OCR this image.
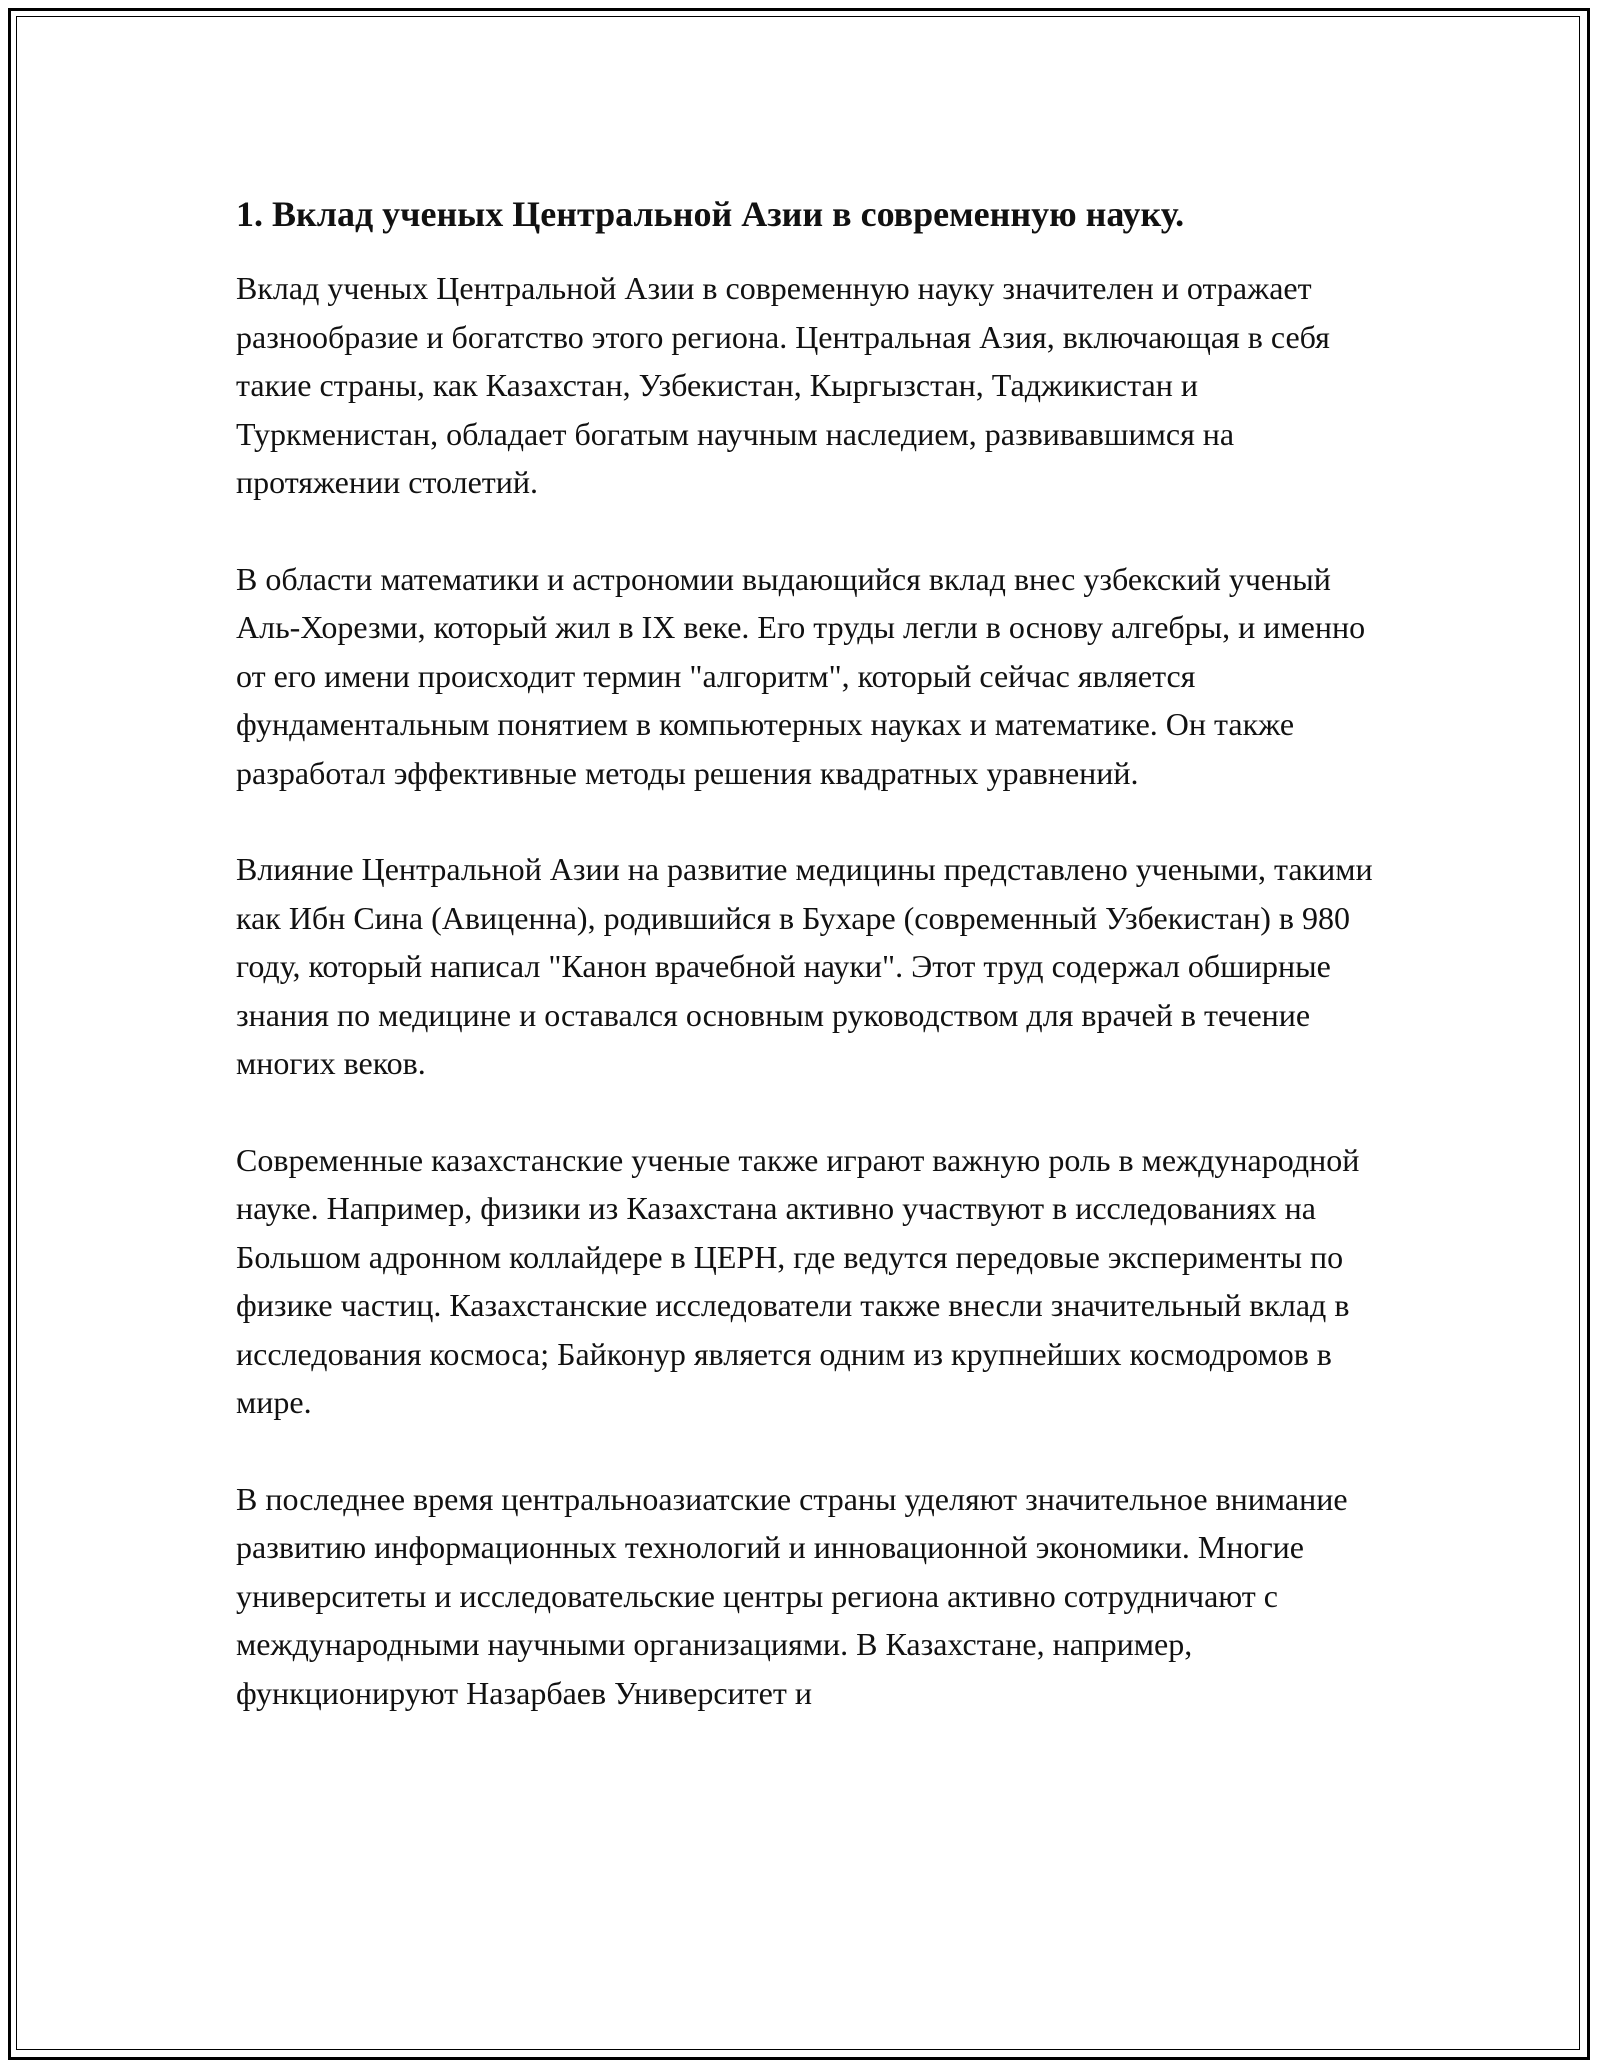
1. Вклад ученых Центральной Азии в современную науку.

Вклад ученых Центральной Азии в современную науку значителен и отражает разнообразие и богатство этого региона. Центральная Азия, включающая в себя такие страны, как Казахстан, Узбекистан, Кыргызстан, Таджикистан и Туркменистан, обладает богатым научным наследием, развивавшимся на протяжении столетий.

В области математики и астрономии выдающийся вклад внес узбекский ученый Аль-Хорезми, который жил в IX веке. Его труды легли в основу алгебры, и именно от его имени происходит термин "алгоритм", который сейчас является фундаментальным понятием в компьютерных науках и математике. Он также разработал эффективные методы решения квадратных уравнений.

Влияние Центральной Азии на развитие медицины представлено учеными, такими как Ибн Сина (Авиценна), родившийся в Бухаре (современный Узбекистан) в 980 году, который написал "Канон врачебной науки". Этот труд содержал обширные знания по медицине и оставался основным руководством для врачей в течение многих веков.

Современные казахстанские ученые также играют важную роль в международной науке. Например, физики из Казахстана активно участвуют в исследованиях на Большом адронном коллайдере в ЦЕРН, где ведутся передовые эксперименты по физике частиц. Казахстанские исследователи также внесли значительный вклад в исследования космоса; Байконур является одним из крупнейших космодромов в мире.

В последнее время центральноазиатские страны уделяют значительное внимание развитию информационных технологий и инновационной экономики. Многие университеты и исследовательские центры региона активно сотрудничают с международными научными организациями. В Казахстане, например, функционируют Назарбаев Университет и
